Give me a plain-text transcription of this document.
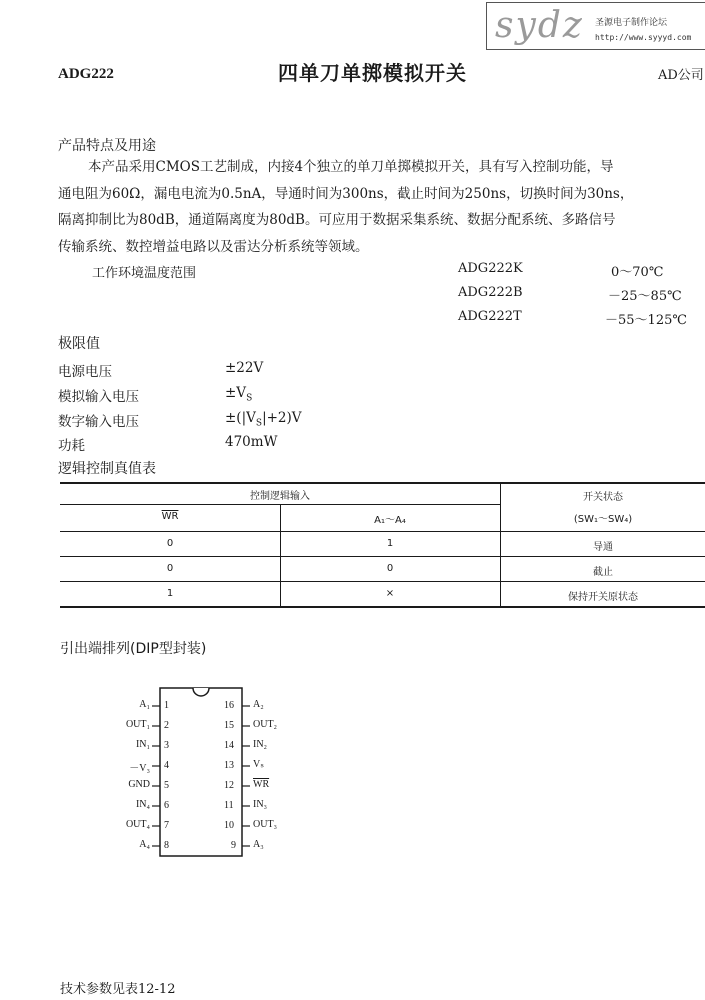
sydz 圣源电子制作论坛
http://www.syyyd.com
ADG222	四单刀单掷模拟开关	AD公司
产品特点及用途
本产品采用CMOS工艺制成，内接4个独立的单刀单掷模拟开关，具有写入控制功能，导
通电阻为60Ω，漏电电流为0.5nA，导通时间为300ns，截止时间为250ns，切换时间为30ns，
隔离抑制比为80dB，通道隔离度为80dB。可应用于数据采集系统、数据分配系统、多路信号
传输系统、数控增益电路以及雷达分析系统等领域。
工作环境温度范围	ADG222K	0～70℃
ADG222B	－25～85℃
ADG222T	－55～125℃
极限值
电源电压	±22V
模拟输入电压	$\pm V_S$
数字输入电压	$\pm(|V_S|+2)V$
功耗	470mW
逻辑控制真值表
控制逻辑输入
$\overline{WR}$	A₁～A₄
开关状态
(SW₁～SW₄)
0	1	导通
0	0	截止
1	×	保持开关原状态
引出端排列(DIP型封装)
A₁
OUT₁
IN₁
－V₃
GND
IN₄
OUT₄
A₄
1
2
3
4
5
6
7
8
16
15
14
13
12
11
10
9
A₂
OUT₂
IN₂
Vₛ
$\overline{WR}$
IN₃
OUT₃
A₃
技术参数见表12-12
